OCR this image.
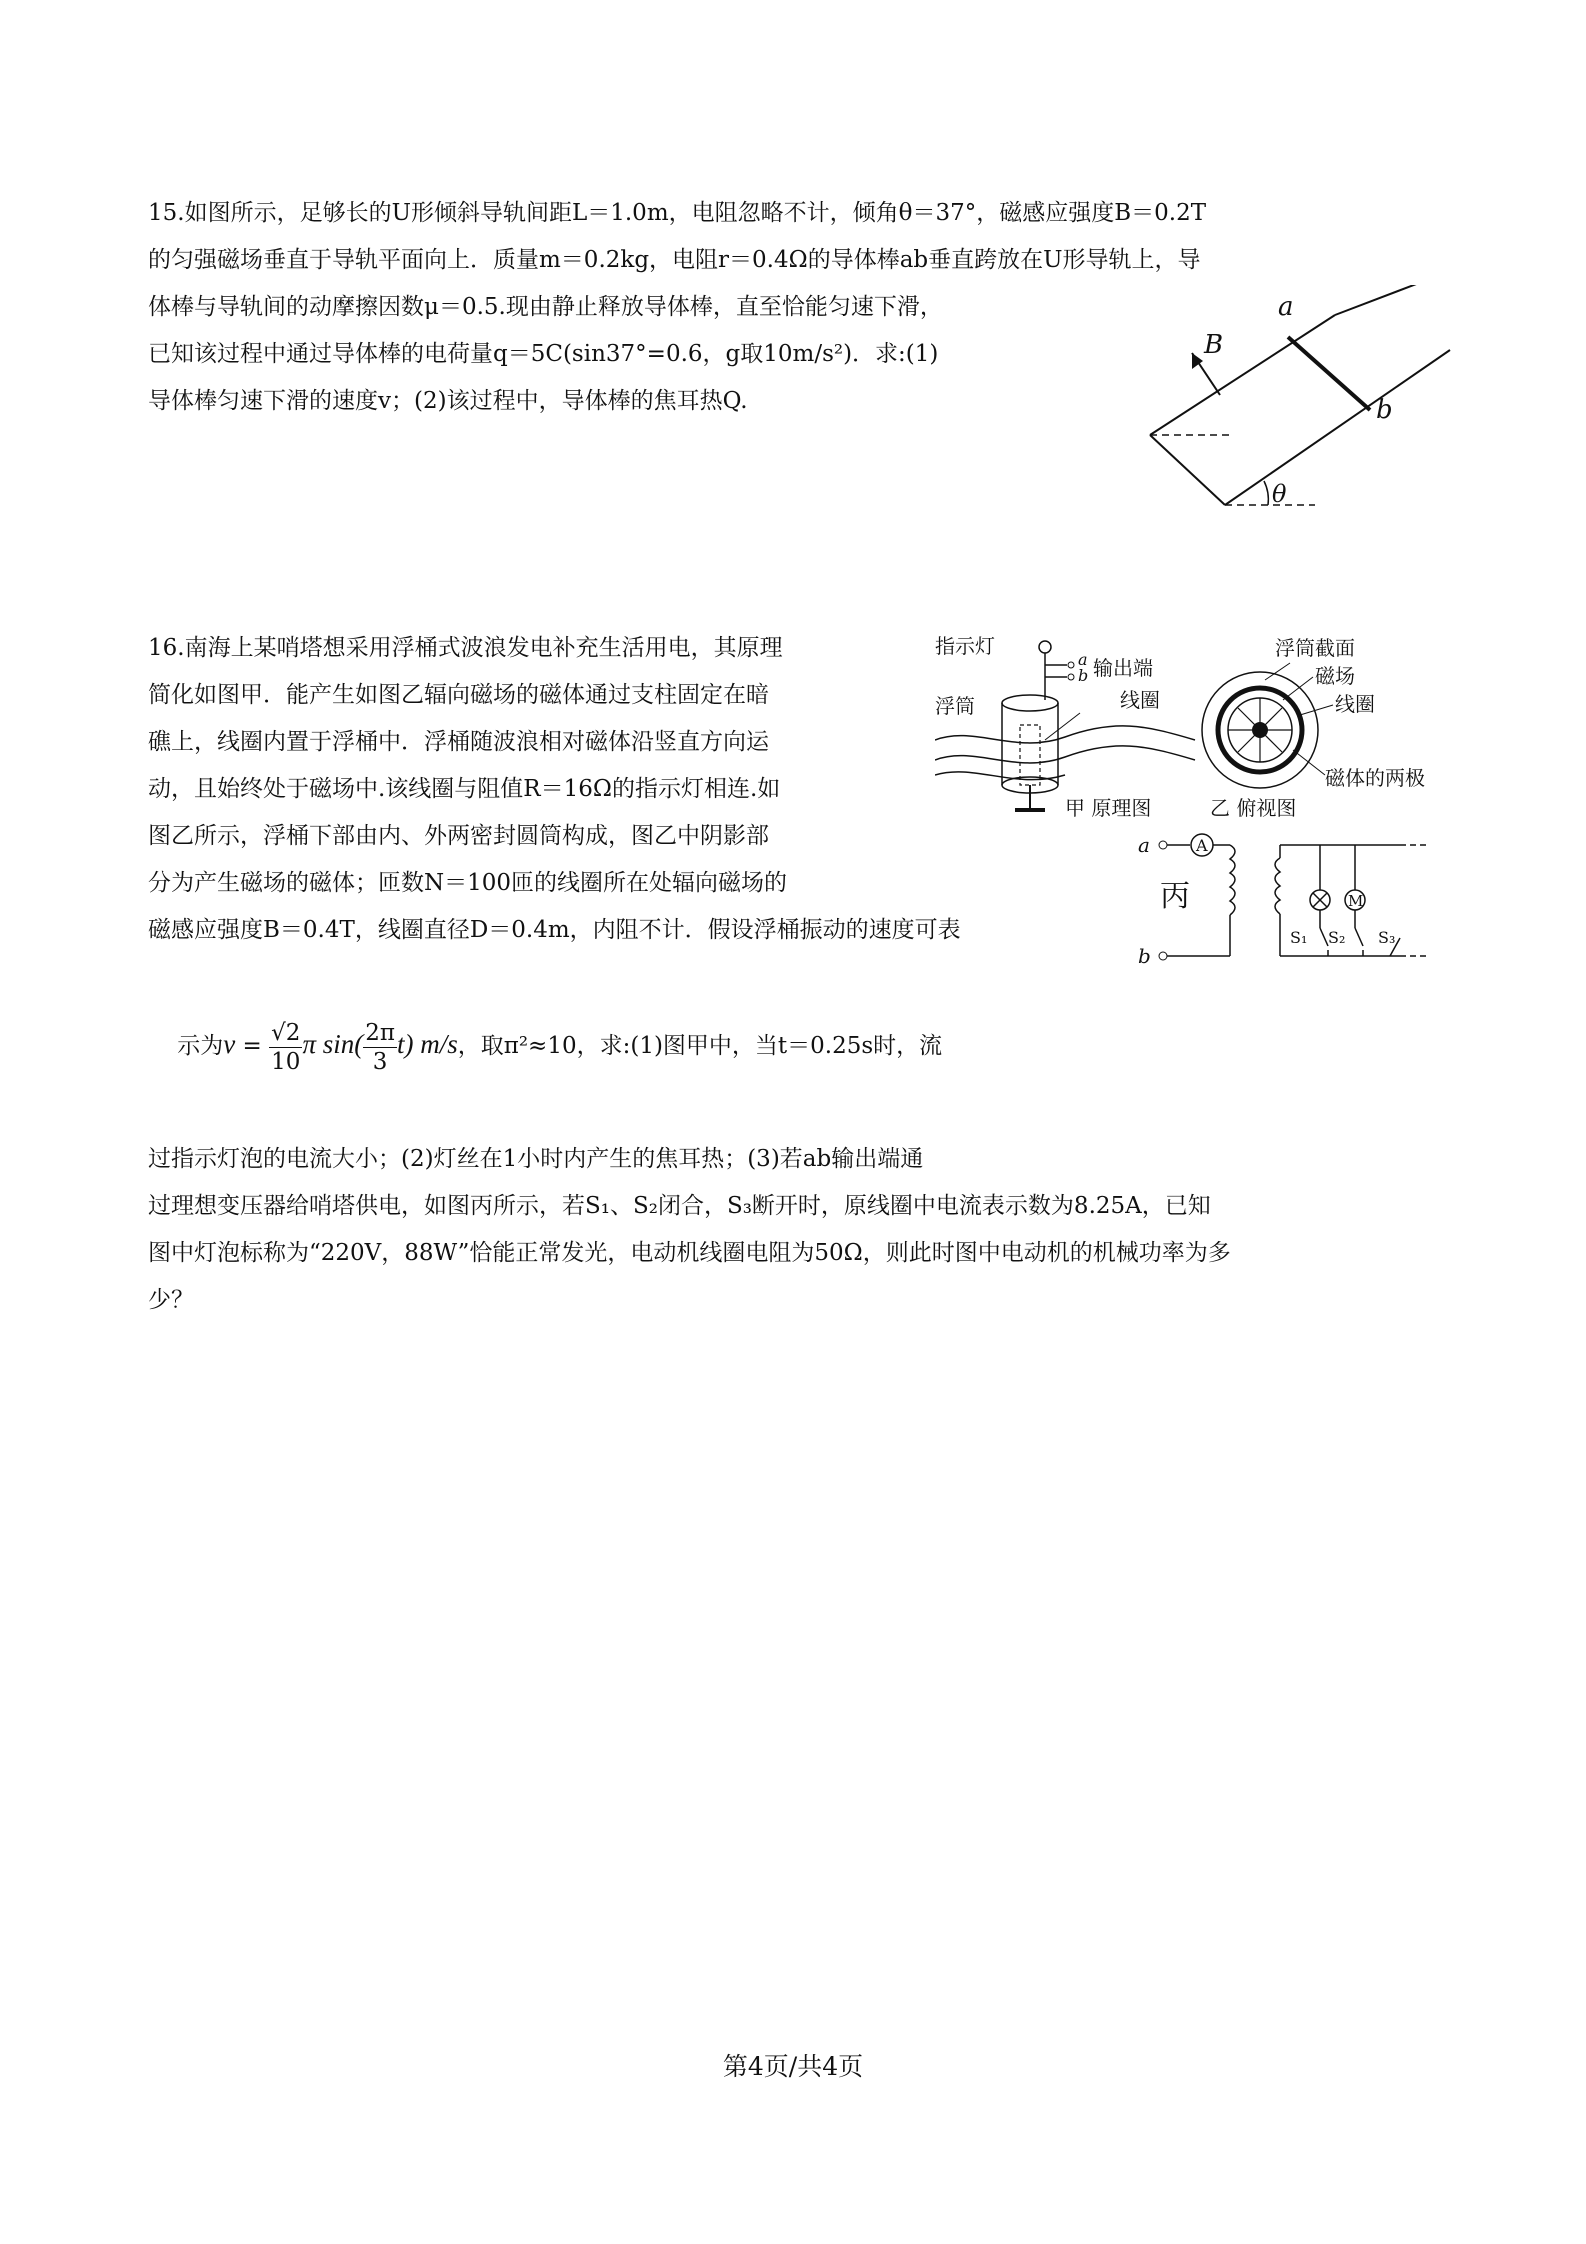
15.如图所示，足够长的U形倾斜导轨间距L＝1.0m，电阻忽略不计，倾角θ＝37°，磁感应强度B＝0.2T
的匀强磁场垂直于导轨平面向上．质量m＝0.2kg，电阻r＝0.4Ω的导体棒ab垂直跨放在U形导轨上，导
体棒与导轨间的动摩擦因数μ＝0.5.现由静止释放导体棒，直至恰能匀速下滑，
已知该过程中通过导体棒的电荷量q＝5C(sin37°=0.6，g取10m/s²)．求:(1)
导体棒匀速下滑的速度v；(2)该过程中，导体棒的焦耳热Q.
a
b
B
θ
16.南海上某哨塔想采用浮桶式波浪发电补充生活用电，其原理
简化如图甲．能产生如图乙辐向磁场的磁体通过支柱固定在暗
礁上，线圈内置于浮桶中．浮桶随波浪相对磁体沿竖直方向运
动，且始终处于磁场中.该线圈与阻值R＝16Ω的指示灯相连.如
图乙所示，浮桶下部由内、外两密封圆筒构成，图乙中阴影部
分为产生磁场的磁体；匝数N＝100匝的线圈所在处辐向磁场的
磁感应强度B＝0.4T，线圈直径D＝0.4m，内阻不计．假设浮桶振动的速度可表

示为$v = \frac{√2}{10}$ π $\sin( \frac{2\pi}{3} t)$ m/s，取π²≈10，求:(1)图甲中，当t＝0.25s时，流

过指示灯泡的电流大小；(2)灯丝在1小时内产生的焦耳热；(3)若ab输出端通
过理想变压器给哨塔供电，如图丙所示，若S₁、S₂闭合，S₃断开时，原线圈中电流表示数为8.25A，已知
图中灯泡标称为“220V，88W”恰能正常发光，电动机线圈电阻为50Ω，则此时图中电动机的机械功率为多
少？
指示灯
a
b 输出端
浮筒	线圈
甲 原理图
浮筒截面
磁场
线圈
磁体的两极
乙 俯视图
a
b
A
丙	M
S₁ S₂ S₃
第4页/共4页
